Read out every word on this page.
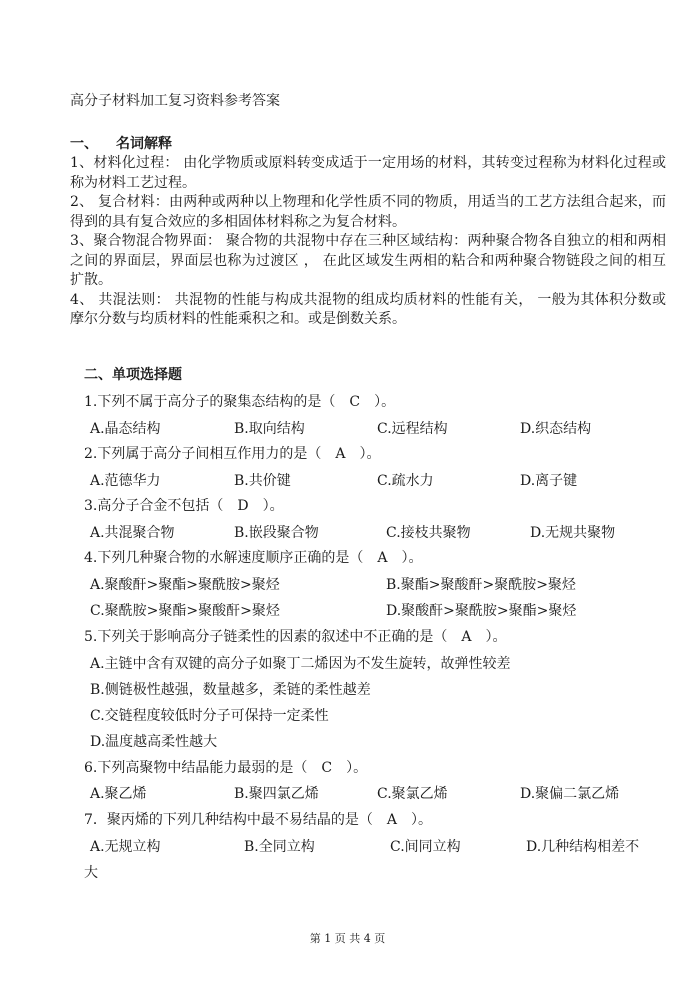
高分子材料加工复习资料参考答案
一、 名词解释

1、材料化过程： 由化学物质或原料转变成适于一定用场的材料，其转变过程称为材料化过程或称为材料工艺过程。

2、 复合材料：由两种或两种以上物理和化学性质不同的物质，用适当的工艺方法组合起来，而得到的具有复合效应的多相固体材料称之为复合材料。

3、聚合物混合物界面： 聚合物的共混物中存在三种区域结构：两种聚合物各自独立的相和两相之间的界面层，界面层也称为过渡区 ， 在此区域发生两相的粘合和两种聚合物链段之间的相互扩散。

4、 共混法则： 共混物的性能与构成共混物的组成均质材料的性能有关， 一般为其体积分数或摩尔分数与均质材料的性能乘积之和。或是倒数关系。

二、单项选择题
1.下列不属于高分子的聚集态结构的是（　C　）。
A.晶态结构	B.取向结构	C.远程结构	D.织态结构
2.下列属于高分子间相互作用力的是（　A　）。
A.范德华力	B.共价键	C.疏水力	D.离子键
3.高分子合金不包括（　D　）。
A.共混聚合物	B.嵌段聚合物	C.接枝共聚物	D.无规共聚物
4.下列几种聚合物的水解速度顺序正确的是（　A　）。
A.聚酸酐>聚酯>聚酰胺>聚烃	B.聚酯>聚酸酐>聚酰胺>聚烃
C.聚酰胺>聚酯>聚酸酐>聚烃	D.聚酸酐>聚酰胺>聚酯>聚烃
5.下列关于影响高分子链柔性的因素的叙述中不正确的是（　A　）。
A.主链中含有双键的高分子如聚丁二烯因为不发生旋转，故弹性较差
B.侧链极性越强，数量越多，柔链的柔性越差
C.交链程度较低时分子可保持一定柔性
D.温度越高柔性越大
6.下列高聚物中结晶能力最弱的是（　C　）。
A.聚乙烯	B.聚四氯乙烯	C.聚氯乙烯	D.聚偏二氯乙烯
7．聚丙烯的下列几种结构中最不易结晶的是（　A　）。
A.无规立构	B.全同立构	C.间同立构	D.几种结构相差不
大
第 1 页 共 4 页
